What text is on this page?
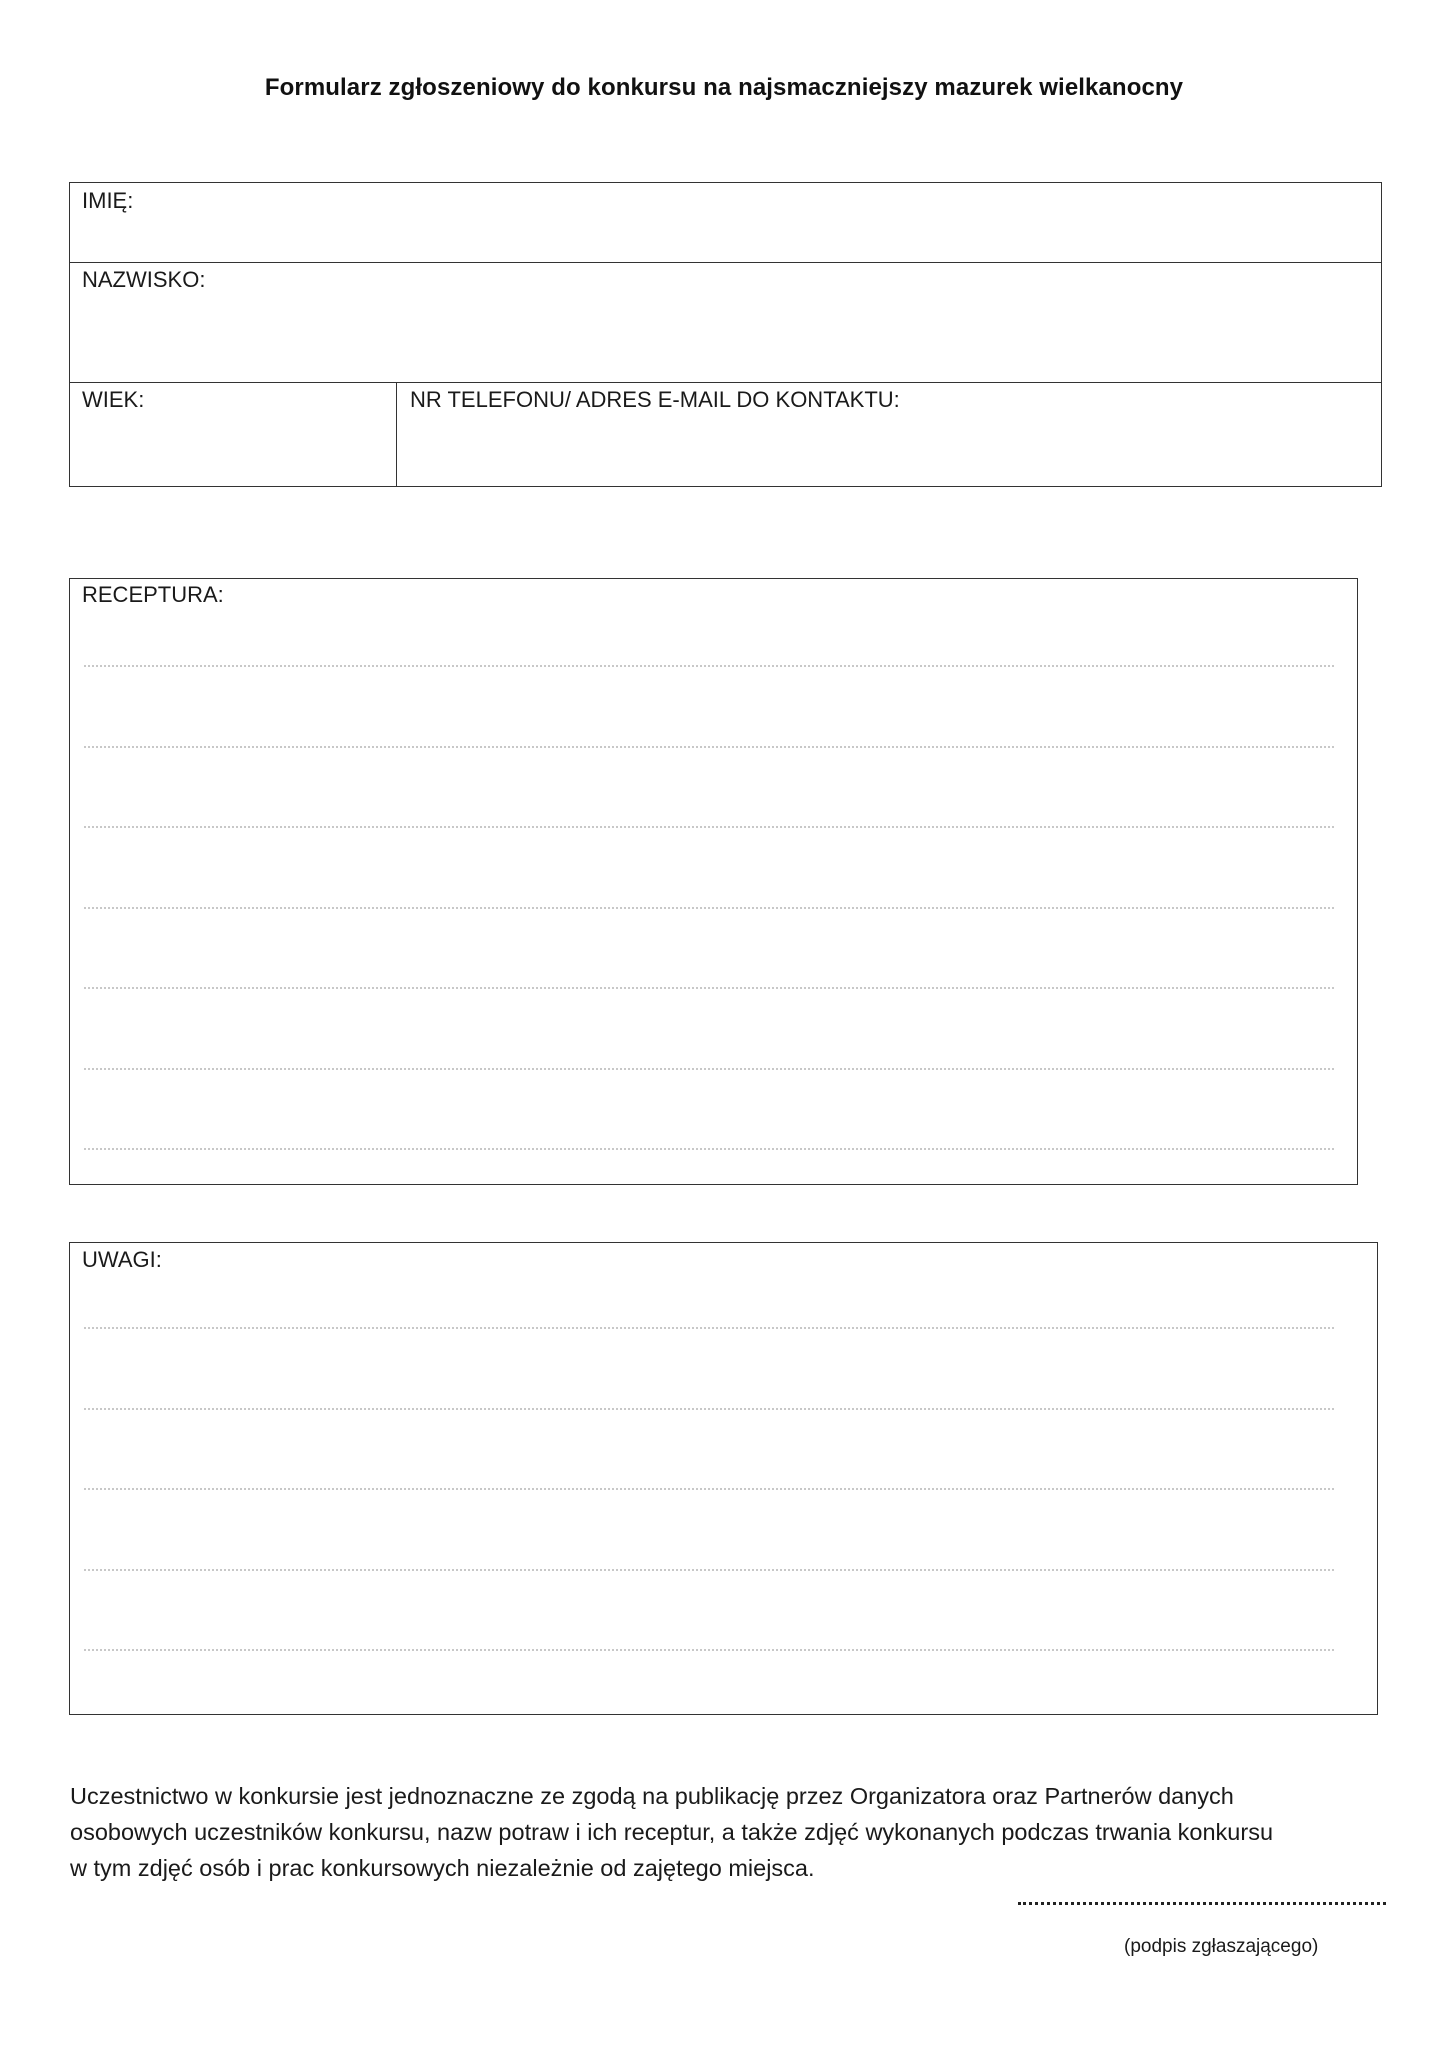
Formularz zgłoszeniowy do konkursu na najsmaczniejszy mazurek wielkanocny
IMIĘ:
NAZWISKO:
WIEK:	NR TELEFONU/ ADRES E-MAIL DO KONTAKTU:
RECEPTURA:
UWAGI:
Uczestnictwo w konkursie jest jednoznaczne ze zgodą na publikację przez Organizatora oraz Partnerów danych
osobowych uczestników konkursu, nazw potraw i ich receptur, a także zdjęć wykonanych podczas trwania konkursu
w tym zdjęć osób i prac konkursowych niezależnie od zajętego miejsca.
(podpis zgłaszającego)
